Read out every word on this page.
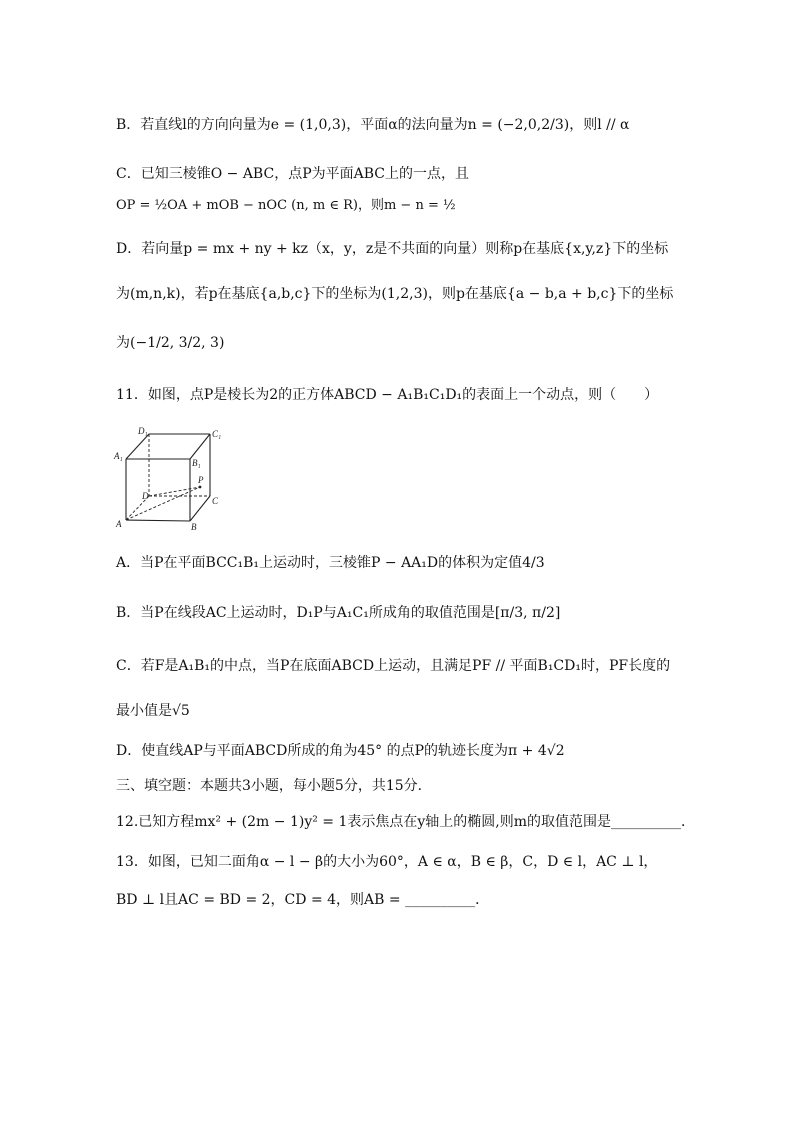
B．若直线l的方向向量为e = (1,0,3)，平面α的法向量为n = (−2,0,2/3)，则l // α
C．已知三棱锥O − ABC，点P为平面ABC上的一点，且
OP = ½OA + mOB − nOC (n, m ∈ R)，则m − n = ½
D．若向量p = mx + ny + kz（x，y，z是不共面的向量）则称p在基底{x,y,z}下的坐标
为(m,n,k)，若p在基底{a,b,c}下的坐标为(1,2,3)，则p在基底{a − b,a + b,c}下的坐标
为(−1/2, 3/2, 3)
11．如图，点P是棱长为2的正方体ABCD − A₁B₁C₁D₁的表面上一个动点，则（　　）
D₁	C₁
A₁
B₁
D	C
A	B
P
A．当P在平面BCC₁B₁上运动时，三棱锥P − AA₁D的体积为定值4/3
B．当P在线段AC上运动时，D₁P与A₁C₁所成角的取值范围是[π/3, π/2]
C．若F是A₁B₁的中点，当P在底面ABCD上运动，且满足PF // 平面B₁CD₁时，PF长度的
最小值是√5
D．使直线AP与平面ABCD所成的角为45° 的点P的轨迹长度为π + 4√2
三、填空题：本题共3小题，每小题5分，共15分．
12.已知方程mx² + (2m − 1)y² = 1表示焦点在y轴上的椭圆,则m的取值范围是__________．
13．如图，已知二面角α − l − β的大小为60°，A ∈ α，B ∈ β，C，D ∈ l，AC ⊥ l，
BD ⊥ l且AC = BD = 2，CD = 4，则AB = __________．
